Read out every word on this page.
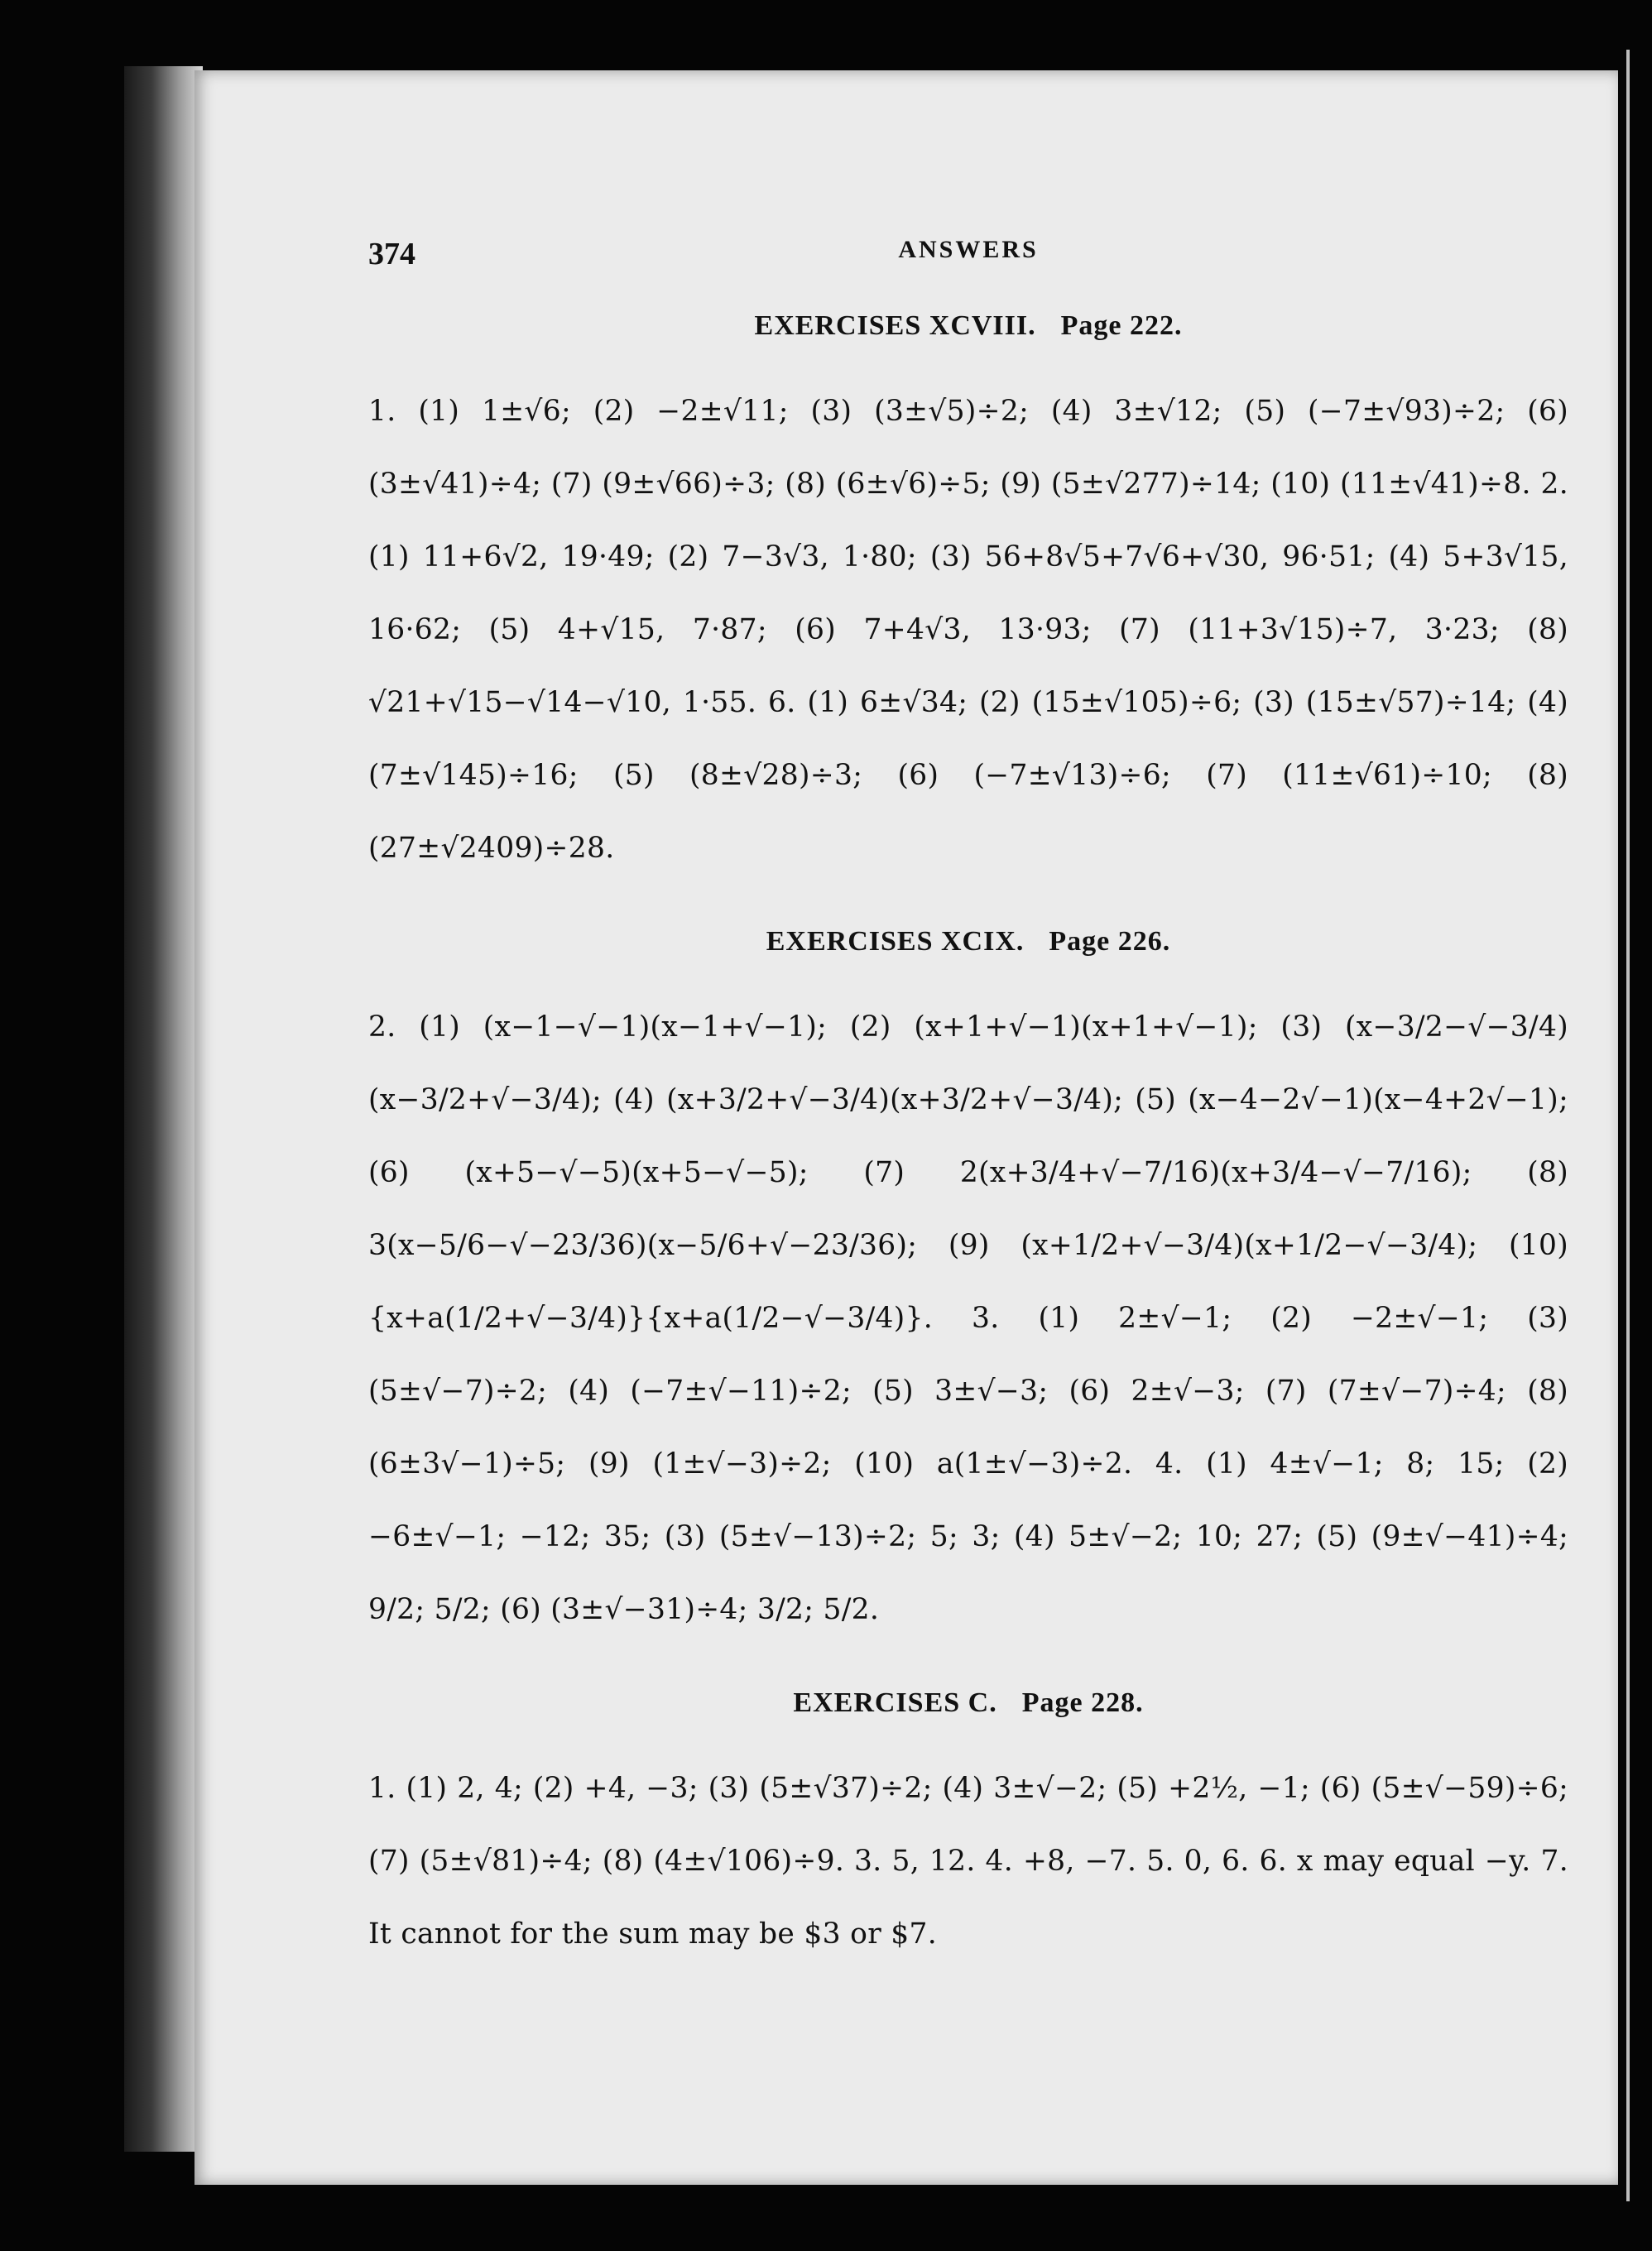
374	ANSWERS
EXERCISES XCVIII. Page 222.

1. (1) 1±√6; (2) −2±√11; (3) (3±√5)÷2; (4) 3±√12; (5) (−7±√93)÷2; (6) (3±√41)÷4; (7) (9±√66)÷3; (8) (6±√6)÷5; (9) (5±√277)÷14; (10) (11±√41)÷8. 2. (1) 11+6√2, 19·49; (2) 7−3√3, 1·80; (3) 56+8√5+7√6+√30, 96·51; (4) 5+3√15, 16·62; (5) 4+√15, 7·87; (6) 7+4√3, 13·93; (7) (11+3√15)÷7, 3·23; (8) √21+√15−√14−√10, 1·55. 6. (1) 6±√34; (2) (15±√105)÷6; (3) (15±√57)÷14; (4) (7±√145)÷16; (5) (8±√28)÷3; (6) (−7±√13)÷6; (7) (11±√61)÷10; (8) (27±√2409)÷28.

EXERCISES XCIX. Page 226.

2. (1) (x−1−√−1)(x−1+√−1); (2) (x+1+√−1)(x+1+√−1); (3) (x−3/2−√−3/4)(x−3/2+√−3/4); (4) (x+3/2+√−3/4)(x+3/2+√−3/4); (5) (x−4−2√−1)(x−4+2√−1); (6) (x+5−√−5)(x+5−√−5); (7) 2(x+3/4+√−7/16)(x+3/4−√−7/16); (8) 3(x−5/6−√−23/36)(x−5/6+√−23/36); (9) (x+1/2+√−3/4)(x+1/2−√−3/4); (10) {x+a(1/2+√−3/4)}{x+a(1/2−√−3/4)}. 3. (1) 2±√−1; (2) −2±√−1; (3) (5±√−7)÷2; (4) (−7±√−11)÷2; (5) 3±√−3; (6) 2±√−3; (7) (7±√−7)÷4; (8) (6±3√−1)÷5; (9) (1±√−3)÷2; (10) a(1±√−3)÷2. 4. (1) 4±√−1; 8; 15; (2) −6±√−1; −12; 35; (3) (5±√−13)÷2; 5; 3; (4) 5±√−2; 10; 27; (5) (9±√−41)÷4; 9/2; 5/2; (6) (3±√−31)÷4; 3/2; 5/2.

EXERCISES C. Page 228.

1. (1) 2, 4; (2) +4, −3; (3) (5±√37)÷2; (4) 3±√−2; (5) +2½, −1; (6) (5±√−59)÷6; (7) (5±√81)÷4; (8) (4±√106)÷9. 3. 5, 12. 4. +8, −7. 5. 0, 6. 6. x may equal −y. 7. It cannot for the sum may be $3 or $7.
